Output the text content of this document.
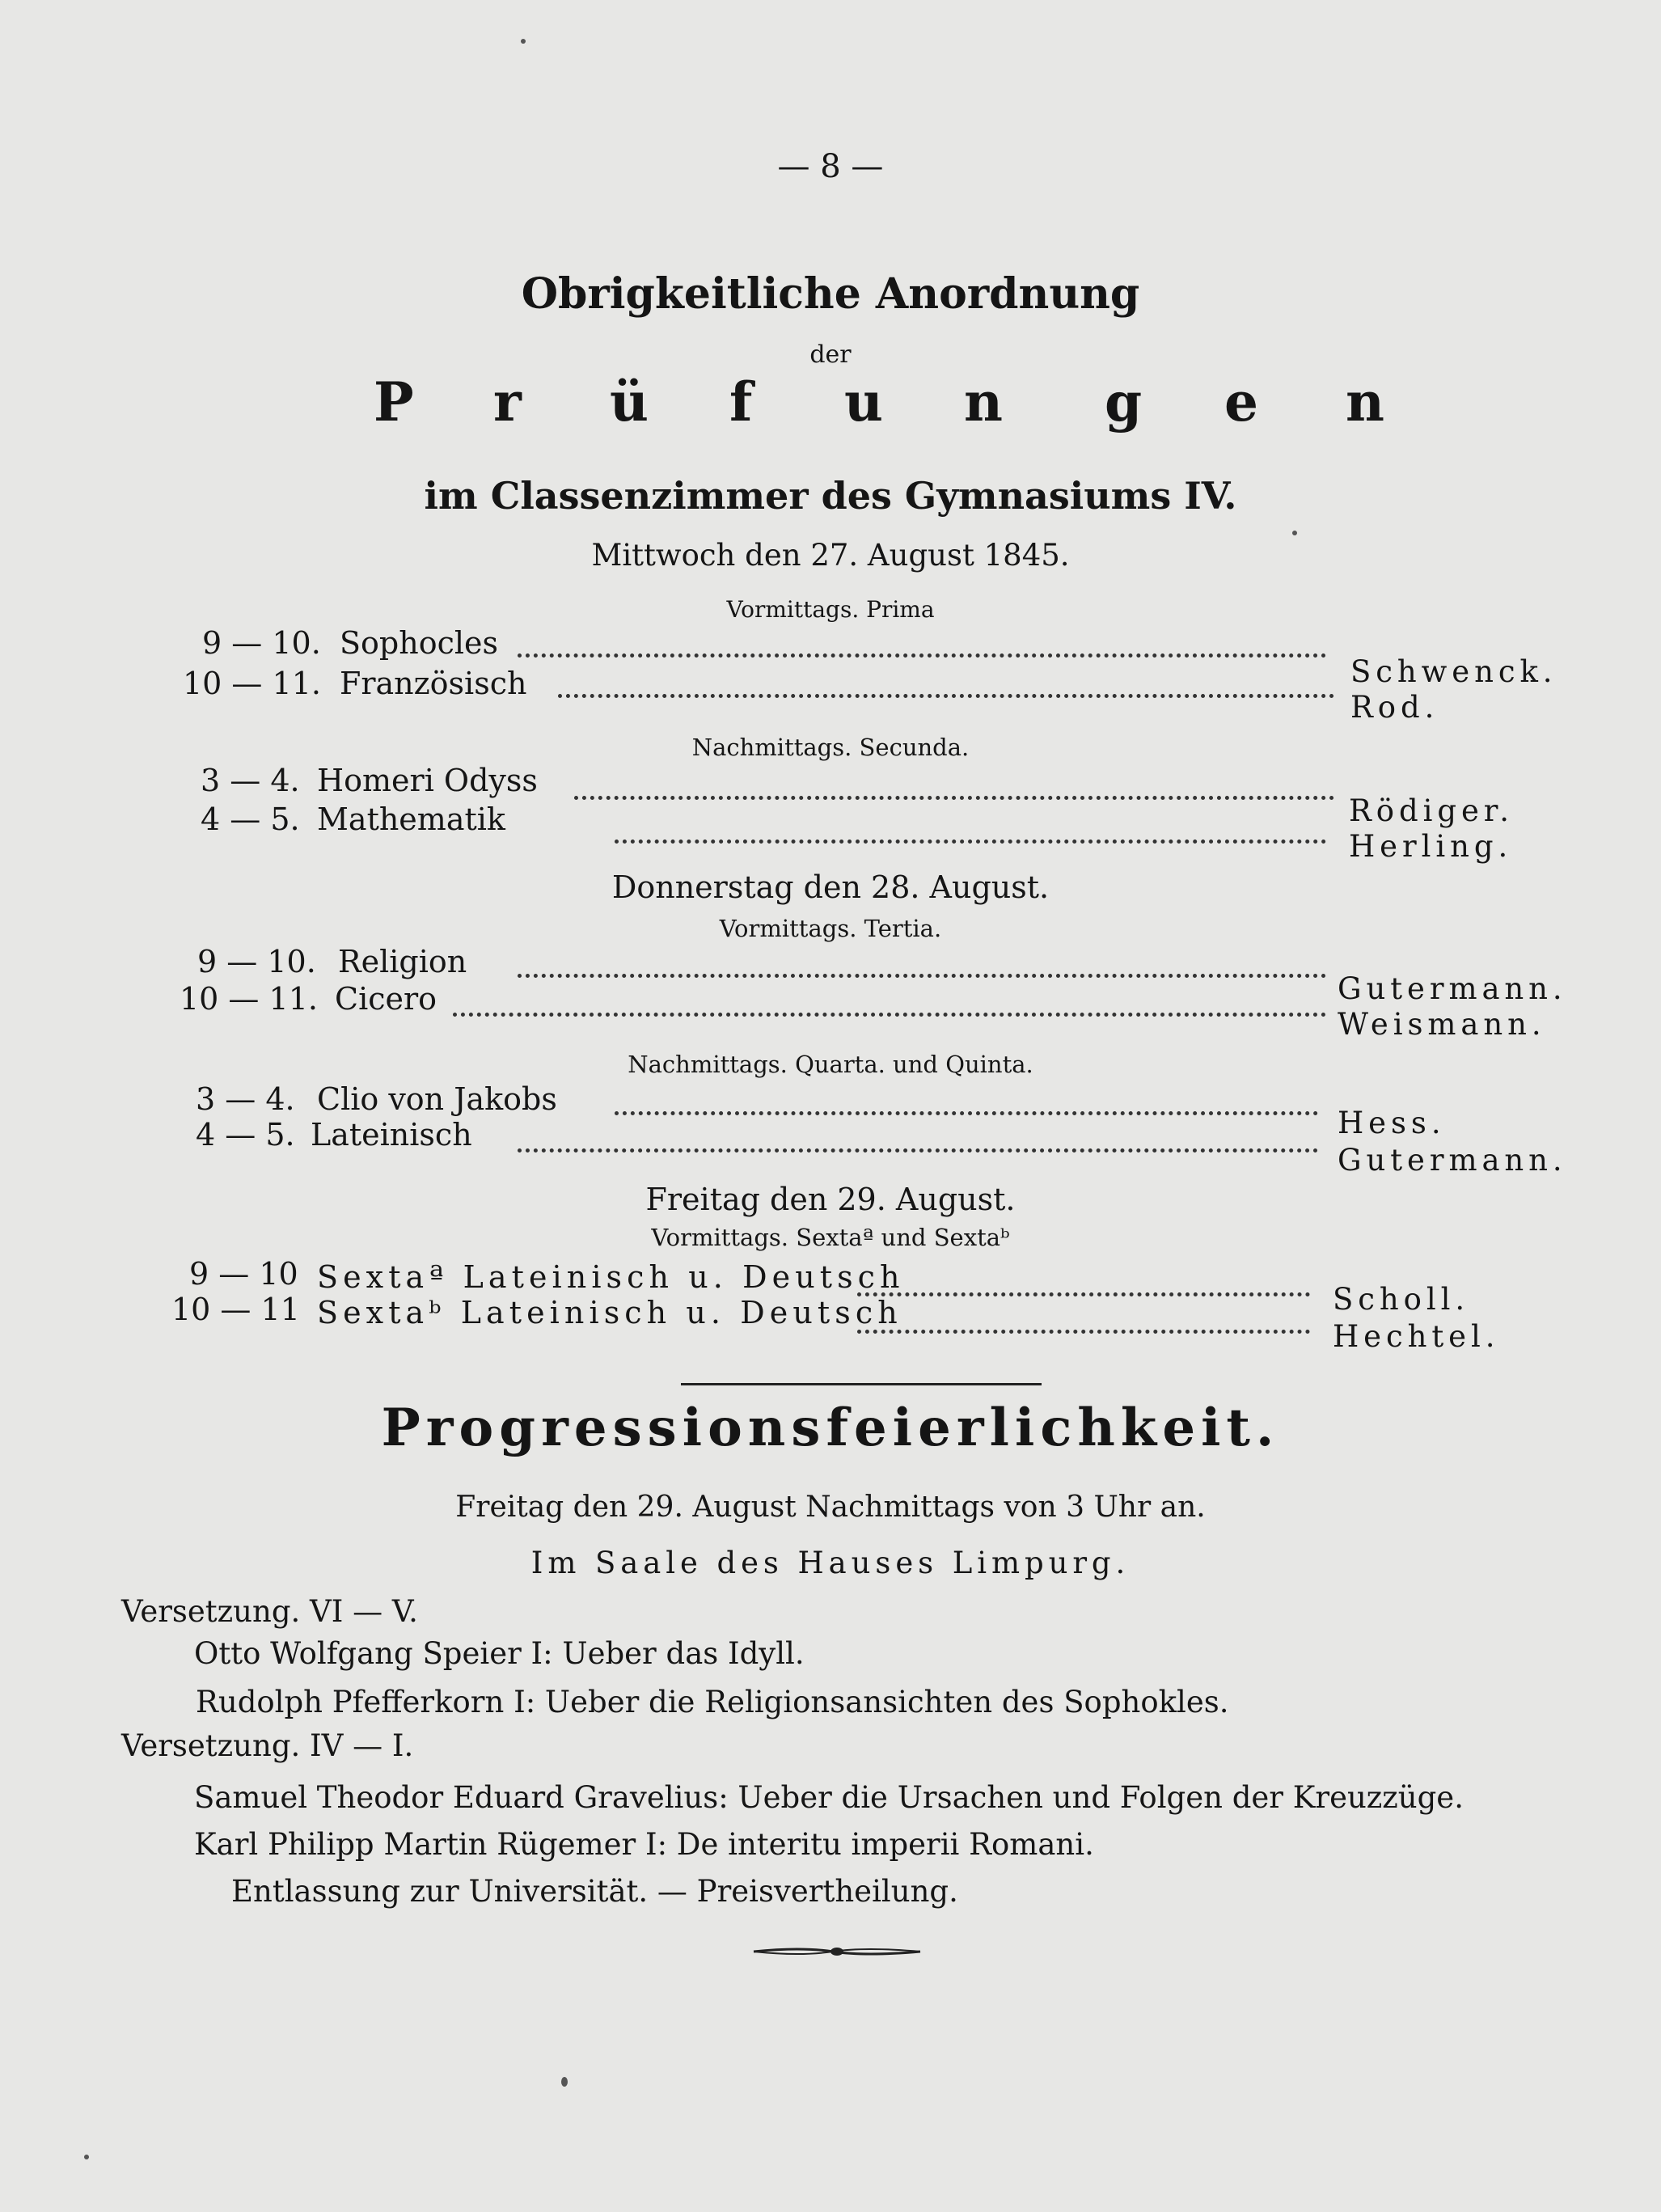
— 8 —
Obrigkeitliche Anordnung
der
P r ü f u n g e n
im Classenzimmer des Gymnasiums IV.
Mittwoch den 27. August 1845.
Vormittags. Prima
9 — 10. Sophocles
Schwenck.
10 — 11. Französisch
Rod.
Nachmittags. Secunda.
3 — 4. Homeri Odyss
Rödiger.
4 — 5. Mathematik
Herling.
Donnerstag den 28. August.
Vormittags. Tertia.
9 — 10. Religion
Gutermann.
10 — 11. Cicero
Weismann.
Nachmittags. Quarta. und Quinta.
3 — 4. Clio von Jakobs
Hess.
4 — 5. Lateinisch
Gutermann.
Freitag den 29. August.
Vormittags. Sextaª und Sextaᵇ
9 — 10 Sextaª Lateinisch u. Deutsch
Scholl.
10 — 11 Sextaᵇ Lateinisch u. Deutsch
Hechtel.
Progressionsfeierlichkeit.
Freitag den 29. August Nachmittags von 3 Uhr an.
Im Saale des Hauses Limpurg.
Versetzung. VI — V.
Otto Wolfgang Speier I: Ueber das Idyll.
Rudolph Pfefferkorn I: Ueber die Religionsansichten des Sophokles.
Versetzung. IV — I.
Samuel Theodor Eduard Gravelius: Ueber die Ursachen und Folgen der Kreuzzüge.
Karl Philipp Martin Rügemer I: De interitu imperii Romani.
Entlassung zur Universität. — Preisvertheilung.
